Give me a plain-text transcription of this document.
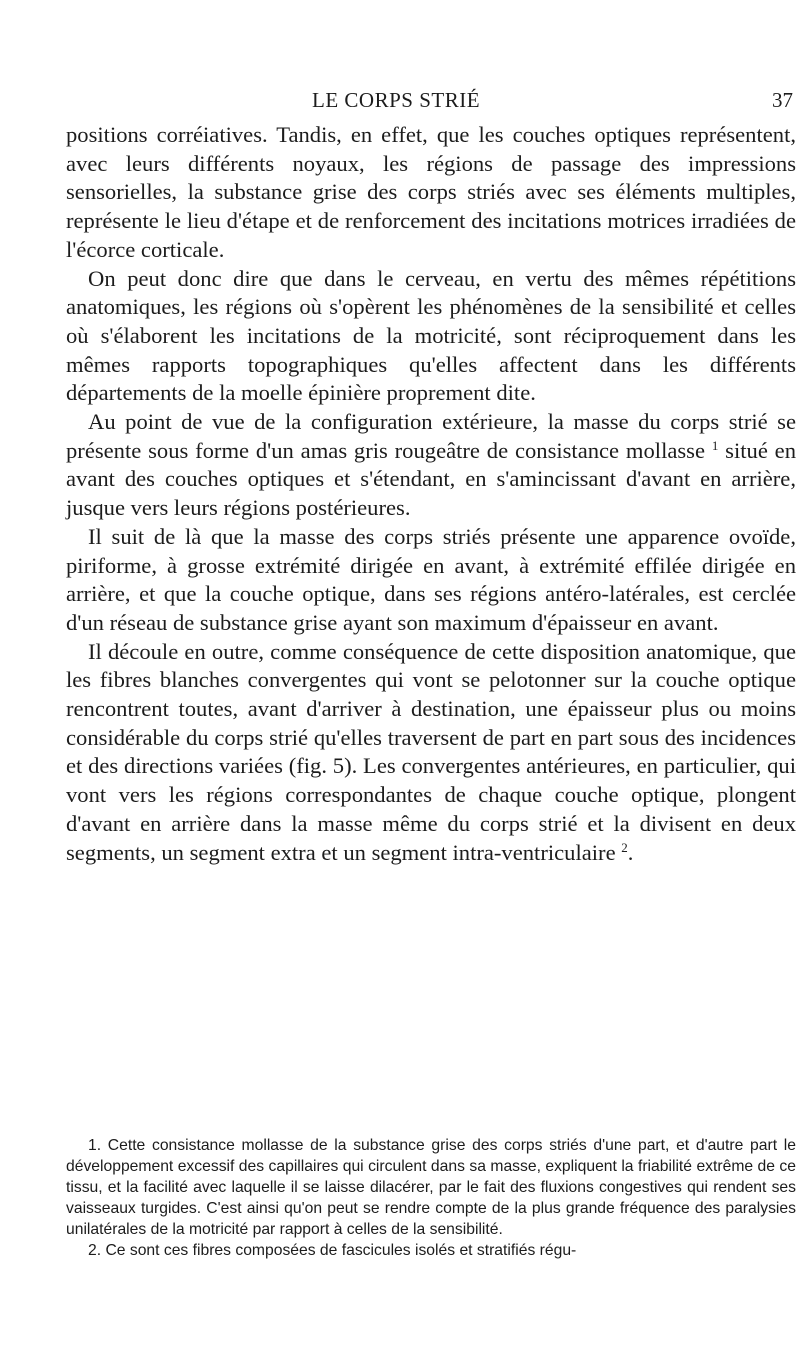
LE CORPS STRIÉ	37

positions corréiatives. Tandis, en effet, que les couches optiques représentent, avec leurs différents noyaux, les régions de passage des impressions sensorielles, la substance grise des corps striés avec ses éléments multiples, représente le lieu d'étape et de renforcement des incitations motrices irradiées de l'écorce corticale.

On peut donc dire que dans le cerveau, en vertu des mêmes répétitions anatomiques, les régions où s'opèrent les phénomènes de la sensibilité et celles où s'élaborent les incitations de la motricité, sont réciproquement dans les mêmes rapports topographiques qu'elles affectent dans les différents départements de la moelle épinière proprement dite.

Au point de vue de la configuration extérieure, la masse du corps strié se présente sous forme d'un amas gris rougeâtre de consistance mollasse $^1$ situé en avant des couches optiques et s'étendant, en s'amincissant d'avant en arrière, jusque vers leurs régions postérieures.

Il suit de là que la masse des corps striés présente une apparence ovoïde, piriforme, à grosse extrémité dirigée en avant, à extrémité effilée dirigée en arrière, et que la couche optique, dans ses régions antéro-latérales, est cerclée d'un réseau de substance grise ayant son maximum d'épaisseur en avant.

Il découle en outre, comme conséquence de cette disposition anatomique, que les fibres blanches convergentes qui vont se pelotonner sur la couche optique rencontrent toutes, avant d'arriver à destination, une épaisseur plus ou moins considérable du corps strié qu'elles traversent de part en part sous des incidences et des directions variées (fig. 5). Les convergentes antérieures, en particulier, qui vont vers les régions correspondantes de chaque couche optique, plongent d'avant en arrière dans la masse même du corps strié et la divisent en deux segments, un segment extra et un segment intra-ventriculaire $^2$.

1. Cette consistance mollasse de la substance grise des corps striés d'une part, et d'autre part le développement excessif des capillaires qui circulent dans sa masse, expliquent la friabilité extrême de ce tissu, et la facilité avec laquelle il se laisse dilacérer, par le fait des fluxions congestives qui rendent ses vaisseaux turgides. C'est ainsi qu'on peut se rendre compte de la plus grande fréquence des paralysies unilatérales de la motricité par rapport à celles de la sensibilité.

2. Ce sont ces fibres composées de fascicules isolés et stratifiés régu-
